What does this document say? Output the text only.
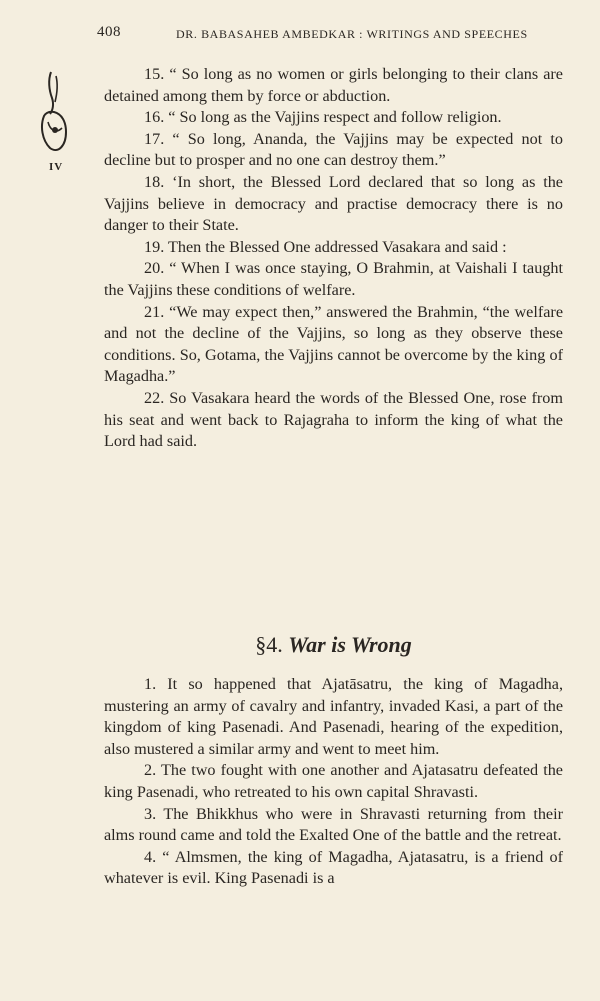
408	DR. BABASAHEB AMBEDKAR : WRITINGS AND SPEECHES
IV

15. “ So long as no women or girls belonging to their clans are detained among them by force or abduction.

16. “ So long as the Vajjins respect and follow religion.

17. “ So long, Ananda, the Vajjins may be expected not to decline but to prosper and no one can destroy them.”

18. ‘In short, the Blessed Lord declared that so long as the Vajjins believe in democracy and practise democracy there is no danger to their State.

19. Then the Blessed One addressed Vasakara and said :

20. “ When I was once staying, O Brahmin, at Vaishali I taught the Vajjins these conditions of welfare.

21. “We may expect then,” answered the Brahmin, “the welfare and not the decline of the Vajjins, so long as they observe these conditions. So, Gotama, the Vajjins cannot be overcome by the king of Magadha.”

22. So Vasakara heard the words of the Blessed One, rose from his seat and went back to Rajagraha to inform the king of what the Lord had said.

§4. War is Wrong

1. It so happened that Ajatāsatru, the king of Magadha, mustering an army of cavalry and infantry, invaded Kasi, a part of the kingdom of king Pasenadi. And Pasenadi, hearing of the expedition, also mustered a similar army and went to meet him.

2. The two fought with one another and Ajatasatru defeated the king Pasenadi, who retreated to his own capital Shravasti.

3. The Bhikkhus who were in Shravasti returning from their alms round came and told the Exalted One of the battle and the retreat.

4. “ Almsmen, the king of Magadha, Ajatasatru, is a friend of whatever is evil. King Pasenadi is a
